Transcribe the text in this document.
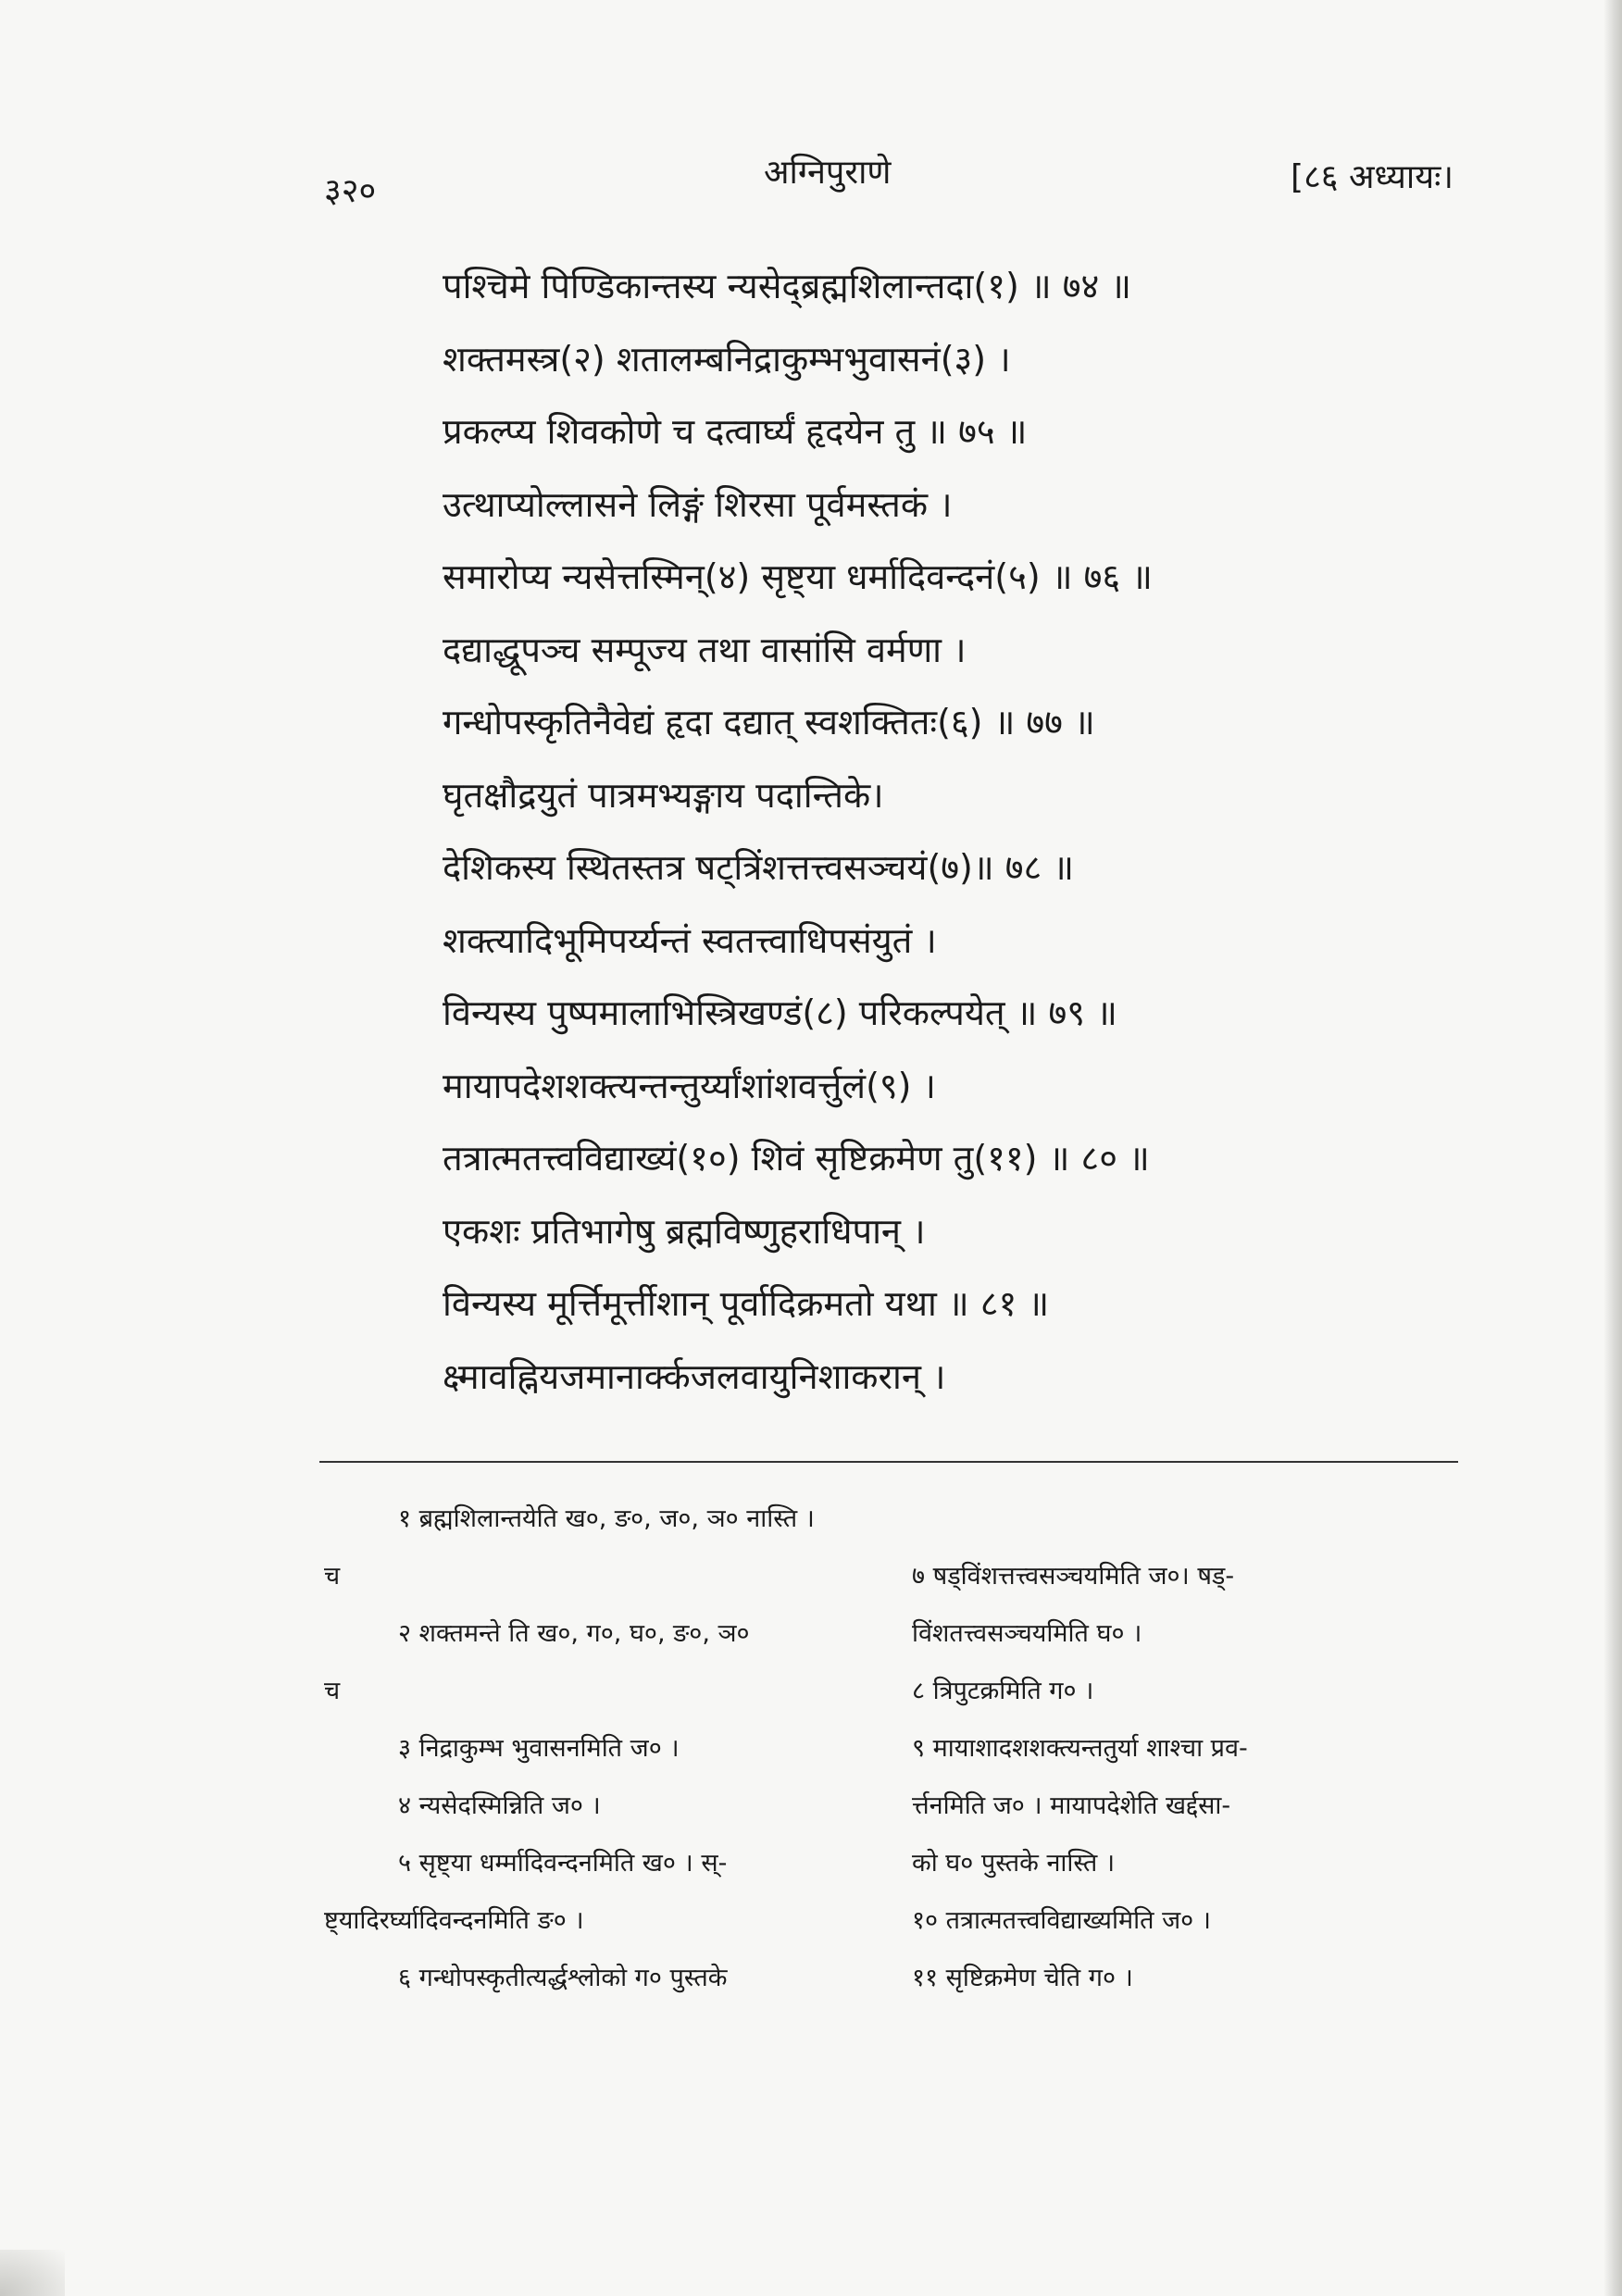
३२०	अग्निपुराणे	[८६ अध्यायः।
पश्चिमे पिण्डिकान्तस्य न्यसेद्ब्रह्मशिलान्तदा(१) ॥ ७४ ॥
शक्तमस्त्र(२) शतालम्बनिद्राकुम्भभुवासनं(३) ।
प्रकल्प्य शिवकोणे च दत्वार्घ्यं हृदयेन तु ॥ ७५ ॥
उत्थाप्योल्लासने लिङ्गं शिरसा पूर्वमस्तकं ।
समारोप्य न्यसेत्तस्मिन्(४) सृष्ट्या धर्मादिवन्दनं(५) ॥ ७६ ॥
दद्याद्धूपञ्च सम्पूज्य तथा वासांसि वर्मणा ।
गन्धोपस्कृतिनैवेद्यं हृदा दद्यात् स्वशक्तितः(६) ॥ ७७ ॥
घृतक्षौद्रयुतं पात्रमभ्यङ्गाय पदान्तिके।
देशिकस्य स्थितस्तत्र षट्त्रिंशत्तत्त्वसञ्चयं(७)॥ ७८ ॥
शक्त्यादिभूमिपर्य्यन्तं स्वतत्त्वाधिपसंयुतं ।
विन्यस्य पुष्पमालाभिस्त्रिखण्डं(८) परिकल्पयेत् ॥ ७९ ॥
मायापदेशशक्त्यन्तन्तुर्य्यांशांशवर्त्तुलं(९) ।
तत्रात्मतत्त्वविद्याख्यं(१०) शिवं सृष्टिक्रमेण तु(११) ॥ ८० ॥
एकशः प्रतिभागेषु ब्रह्मविष्णुहराधिपान् ।
विन्यस्य मूर्त्तिमूर्त्तीशान् पूर्वादिक्रमतो यथा ॥ ८१ ॥
क्ष्मावह्नियजमानार्क्कजलवायुनिशाकरान् ।
१ ब्रह्मशिलान्तयेति ख०, ङ०, ज०, ञ० नास्ति ।
च	७ षड्विंशत्तत्त्वसञ्चयमिति ज०। षड्-
२ शक्तमन्ते ति ख०, ग०, घ०, ङ०, ञ०	विंशतत्त्वसञ्चयमिति घ० ।
च	८ त्रिपुटक्रमिति ग० ।
३ निद्राकुम्भ भुवासनमिति ज० ।	९ मायाशादशशक्त्यन्ततुर्या शाश्चा प्रव-
४ न्यसेदस्मिन्निति ज० ।	र्त्तनमिति ज० । मायापदेशेति खर्द्दसा-
५ सृष्ट्या धर्म्मादिवन्दनमिति ख० । स्-	को घ० पुस्तके नास्ति ।
ष्ट्यादिरर्घ्यादिवन्दनमिति ङ० ।	१० तत्रात्मतत्त्वविद्याख्यमिति ज० ।
६ गन्धोपस्कृतीत्यर्द्धश्लोको ग० पुस्तके	११ सृष्टिक्रमेण चेति ग० ।
